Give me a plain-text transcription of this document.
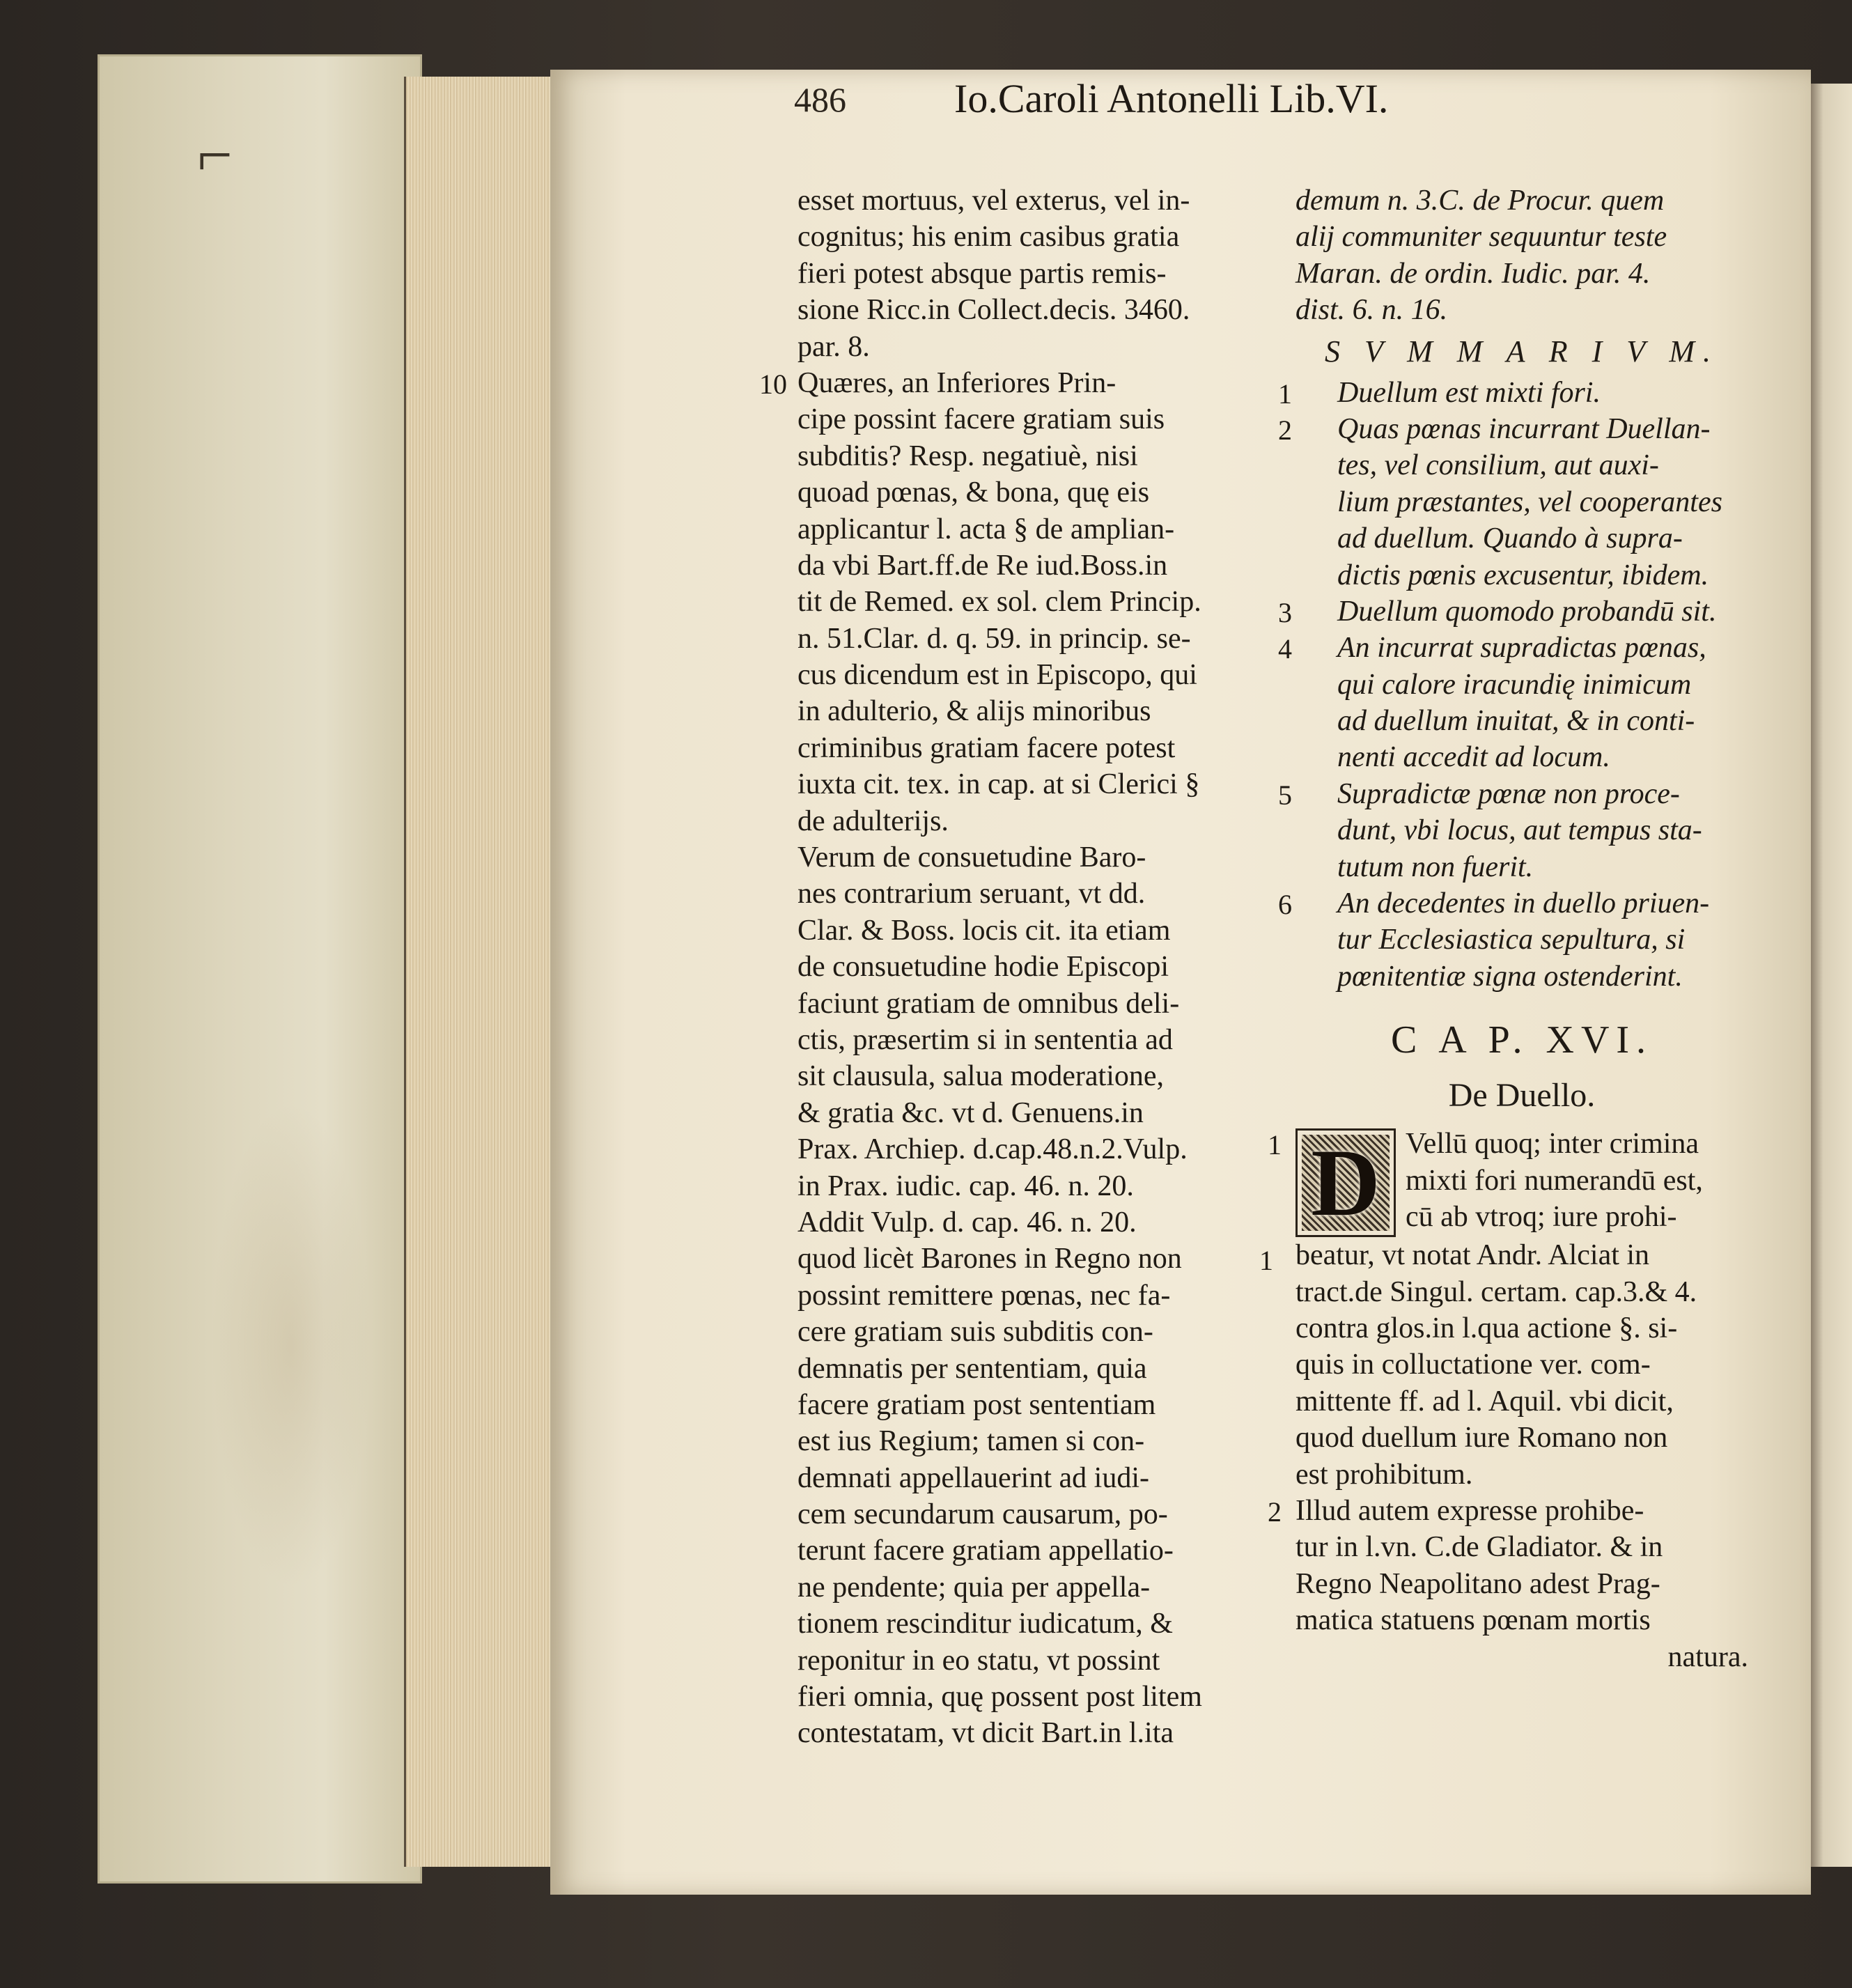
⌐
486	Io.Caroli Antonelli Lib.VI.
esset mortuus, vel exterus, vel in-
cognitus; his enim casibus gratia
fieri potest absque partis remis-
sione Ricc.in Collect.decis. 3460.
par. 8.
Quæres, an Inferiores Prin-
cipe possint facere gratiam suis
subditis? Resp. negatiuè, nisi
quoad pœnas, & bona, quę eis
applicantur l. acta § de amplian-
da vbi Bart.ff.de Re iud.Boss.in
tit de Remed. ex sol. clem Princip.
n. 51.Clar. d. q. 59. in princip. se-
cus dicendum est in Episcopo, qui
in adulterio, & alijs minoribus
criminibus gratiam facere potest
iuxta cit. tex. in cap. at si Clerici §
de adulterijs.
Verum de consuetudine Baro-
nes contrarium seruant, vt dd.
Clar. & Boss. locis cit. ita etiam
de consuetudine hodie Episcopi
faciunt gratiam de omnibus deli-
ctis, præsertim si in sententia ad
sit clausula, salua moderatione,
& gratia &c. vt d. Genuens.in
Prax. Archiep. d.cap.48.n.2.Vulp.
in Prax. iudic. cap. 46. n. 20.
Addit Vulp. d. cap. 46. n. 20.
quod licèt Barones in Regno non
possint remittere pœnas, nec fa-
cere gratiam suis subditis con-
demnatis per sententiam, quia
facere gratiam post sententiam
est ius Regium; tamen si con-
demnati appellauerint ad iudi-
cem secundarum causarum, po-
terunt facere gratiam appellatio-
ne pendente; quia per appella-
tionem rescinditur iudicatum, &
reponitur in eo statu, vt possint
fieri omnia, quę possent post litem
contestatam, vt dicit Bart.in l.ita
demum n. 3.C. de Procur. quem
alij communiter sequuntur teste
Maran. de ordin. Iudic. par. 4.
dist. 6. n. 16.
S V M M A R I V M.
Duellum est mixti fori.
Quas pœnas incurrant Duellan-
tes, vel consilium, aut auxi-
lium præstantes, vel cooperantes
ad duellum. Quando à supra-
dictis pœnis excusentur, ibidem.
Duellum quomodo probandū sit.
An incurrat supradictas pœnas,
qui calore iracundię inimicum
ad duellum inuitat, & in conti-
nenti accedit ad locum.
Supradictæ pœnæ non proce-
dunt, vbi locus, aut tempus sta-
tutum non fuerit.
An decedentes in duello priuen-
tur Ecclesiastica sepultura, si
pœnitentiæ signa ostenderint.
C A P. XVI.
De Duello.
D Vellū quoq; inter crimina
mixti fori numerandū est,
cū ab vtroq; iure prohi-
beatur, vt notat Andr. Alciat in
tract.de Singul. certam. cap.3.& 4.
contra glos.in l.qua actione §. si-
quis in colluctatione ver. com-
mittente ff. ad l. Aquil. vbi dicit,
quod duellum iure Romano non
est prohibitum.
Illud autem expresse prohibe-
tur in l.vn. C.de Gladiator. & in
Regno Neapolitano adest Prag-
matica statuens pœnam mortis
natura.
1
2
3
4
5
6
1
2
10
1
